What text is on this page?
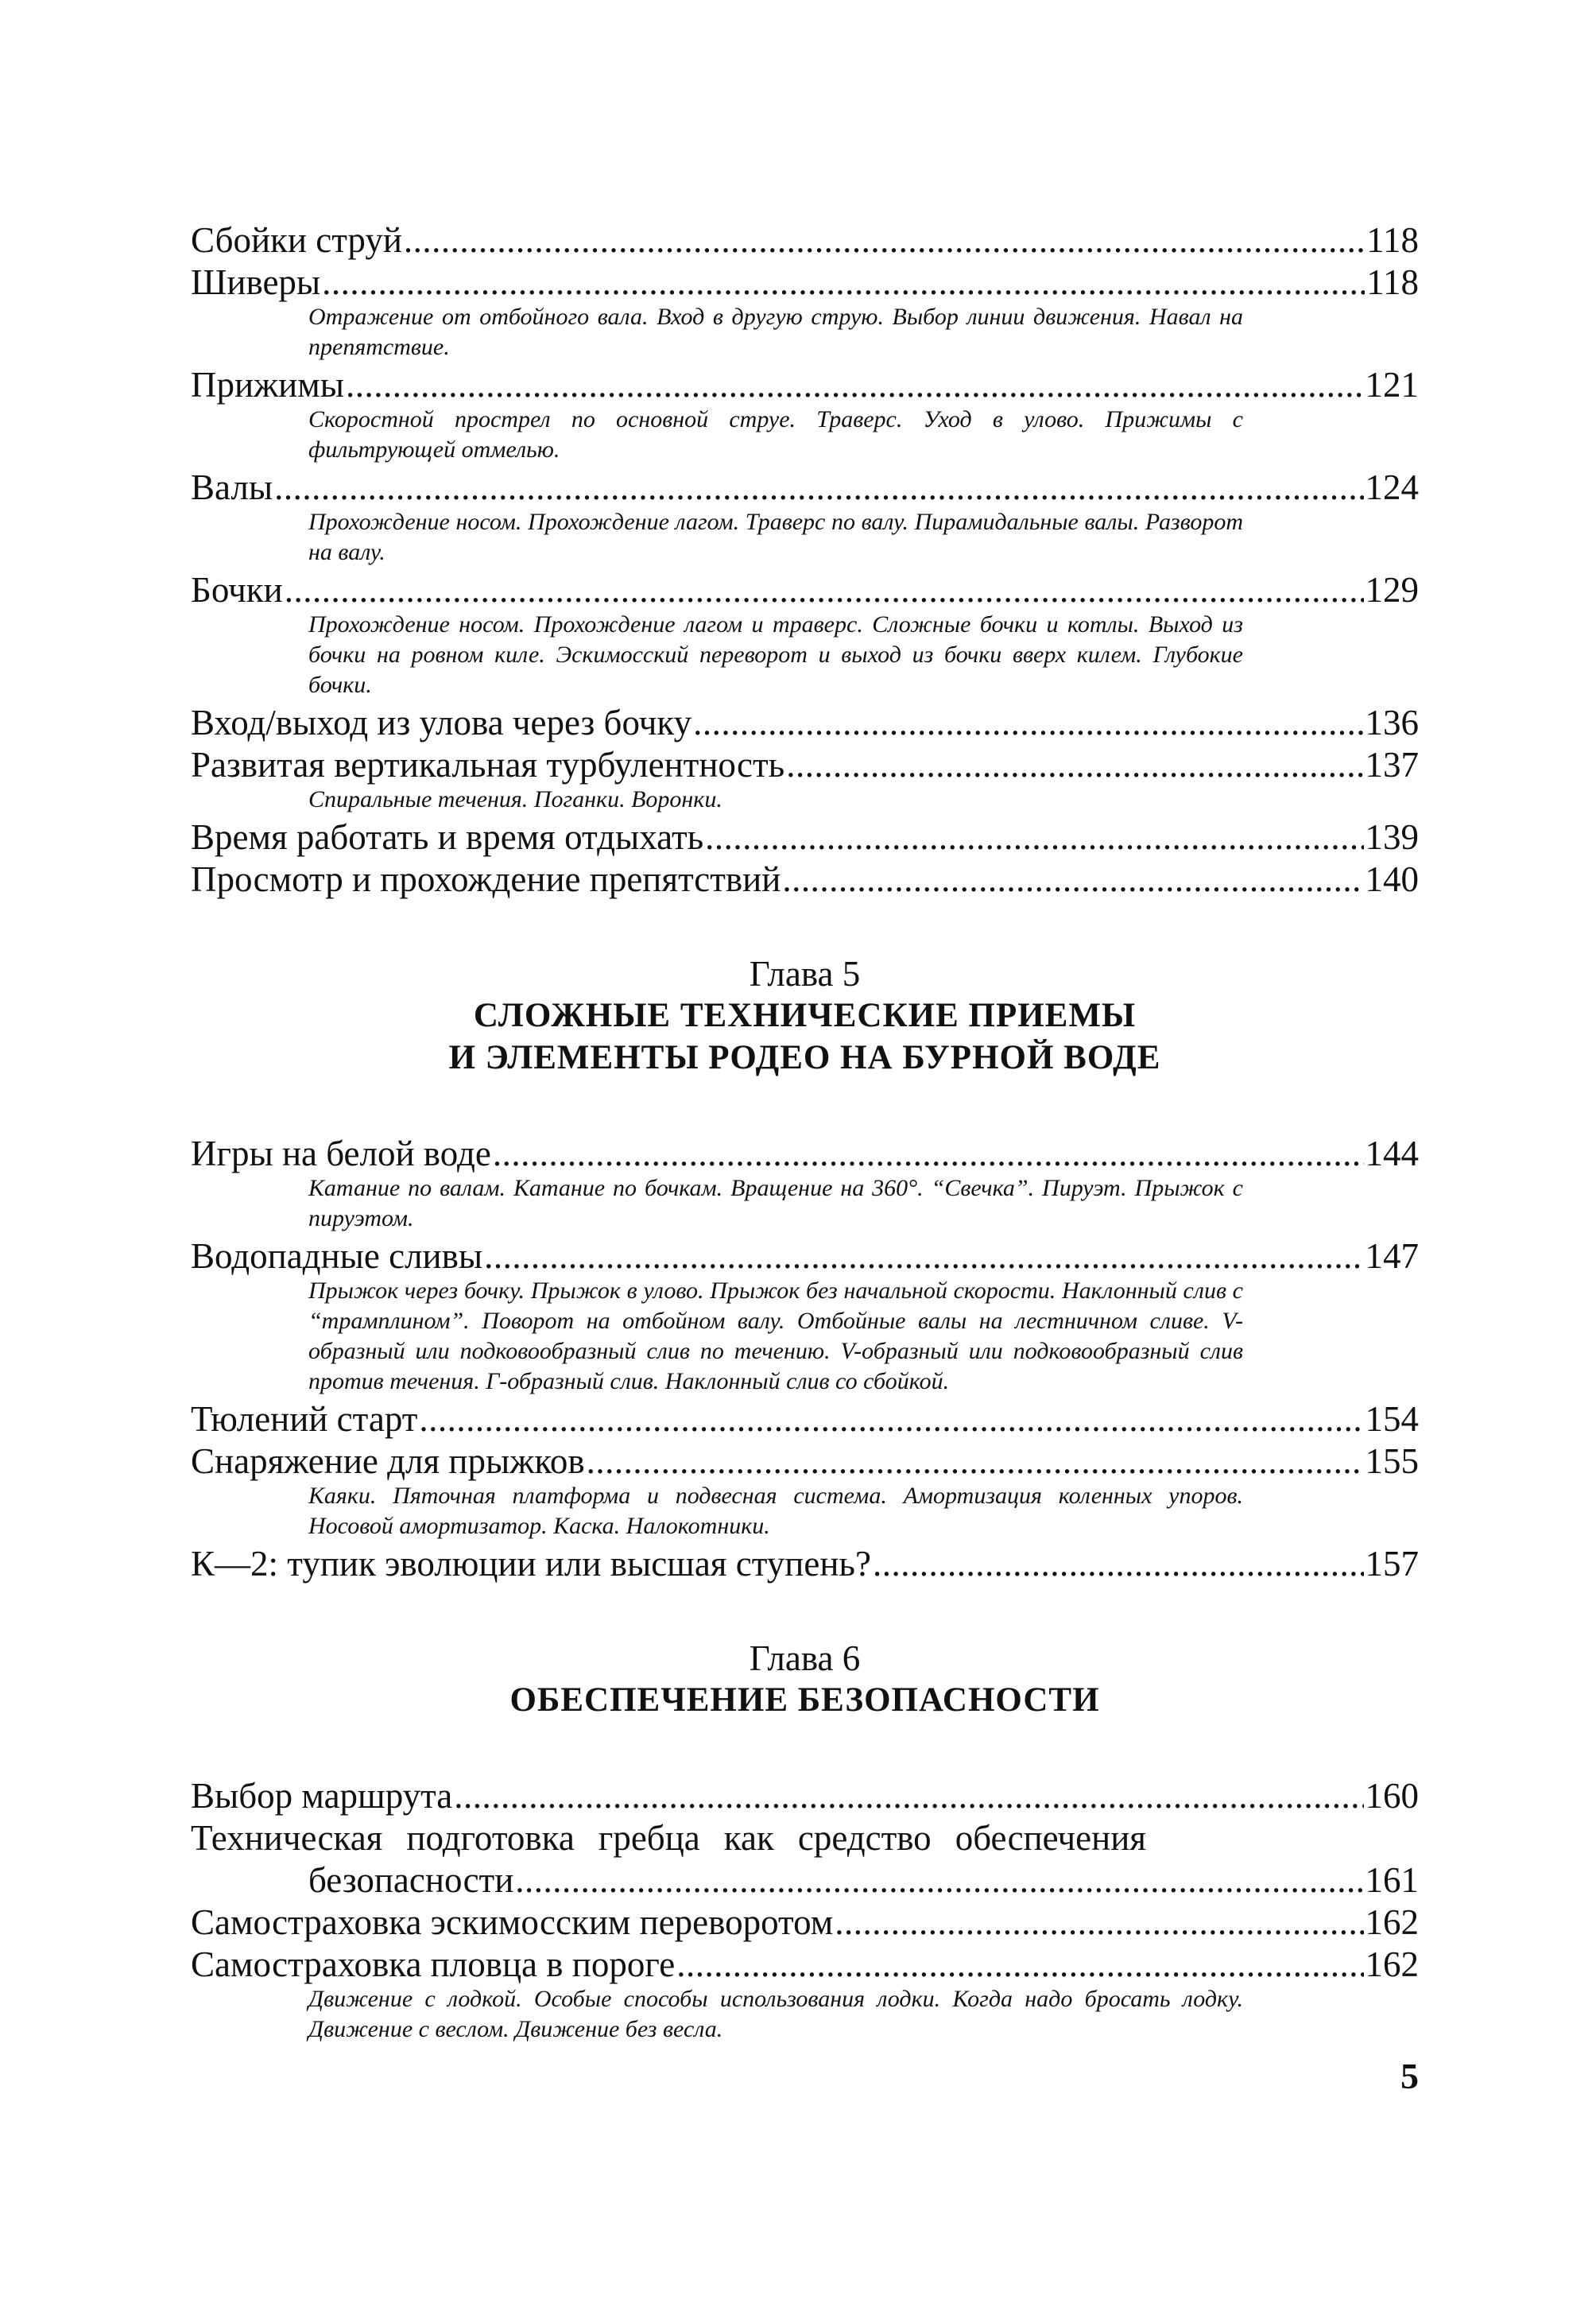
Сбойки струй .....	118
Шиверы .....	118
Отражение от отбойного вала. Вход в другую струю. Выбор линии движения. Навал на препятствие.
Прижимы .....	121
Скоростной прострел по основной струе. Траверс. Уход в улово. Прижимы с фильтрующей отмелью.
Валы .....	124
Прохождение носом. Прохождение лагом. Траверс по валу. Пирамидальные валы. Разворот на валу.
Бочки .....	129
Прохождение носом. Прохождение лагом и траверс. Сложные бочки и котлы. Выход из бочки на ровном киле. Эскимосский переворот и выход из бочки вверх килем. Глубокие бочки.
Вход/выход из улова через бочку .....	136
Развитая вертикальная турбулентность .....	137
Спиральные течения. Поганки. Воронки.
Время работать и время отдыхать .....	139
Просмотр и прохождение препятствий .....	140
Глава 5
СЛОЖНЫЕ ТЕХНИЧЕСКИЕ ПРИЕМЫ
И ЭЛЕМЕНТЫ РОДЕО НА БУРНОЙ ВОДЕ
Игры на белой воде .....	144
Катание по валам. Катание по бочкам. Вращение на 360°. “Свечка”. Пируэт. Прыжок с пируэтом.
Водопадные сливы .....	147
Прыжок через бочку. Прыжок в улово. Прыжок без начальной скорости. Наклонный слив с “трамплином”. Поворот на отбойном валу. Отбойные валы на лестничном сливе. V-образный или подковообразный слив по течению. V-образный или подковообразный слив против течения. Г-образный слив. Наклонный слив со сбойкой.
Тюлений старт .....	154
Снаряжение для прыжков .....	155
Каяки. Пяточная платформа и подвесная система. Амортизация коленных упоров. Носовой амортизатор. Каска. Налокотники.
К—2: тупик эволюции или высшая ступень? .....	157
Глава 6
ОБЕСПЕЧЕНИЕ БЕЗОПАСНОСТИ
Выбор маршрута .....	160
Техническая подготовка гребца как средство обеспечения
безопасности .....	161
Самостраховка эскимосским переворотом .....	162
Самостраховка пловца в пороге .....	162
Движение с лодкой. Особые способы использования лодки. Когда надо бросать лодку. Движение с веслом. Движение без весла.
5
